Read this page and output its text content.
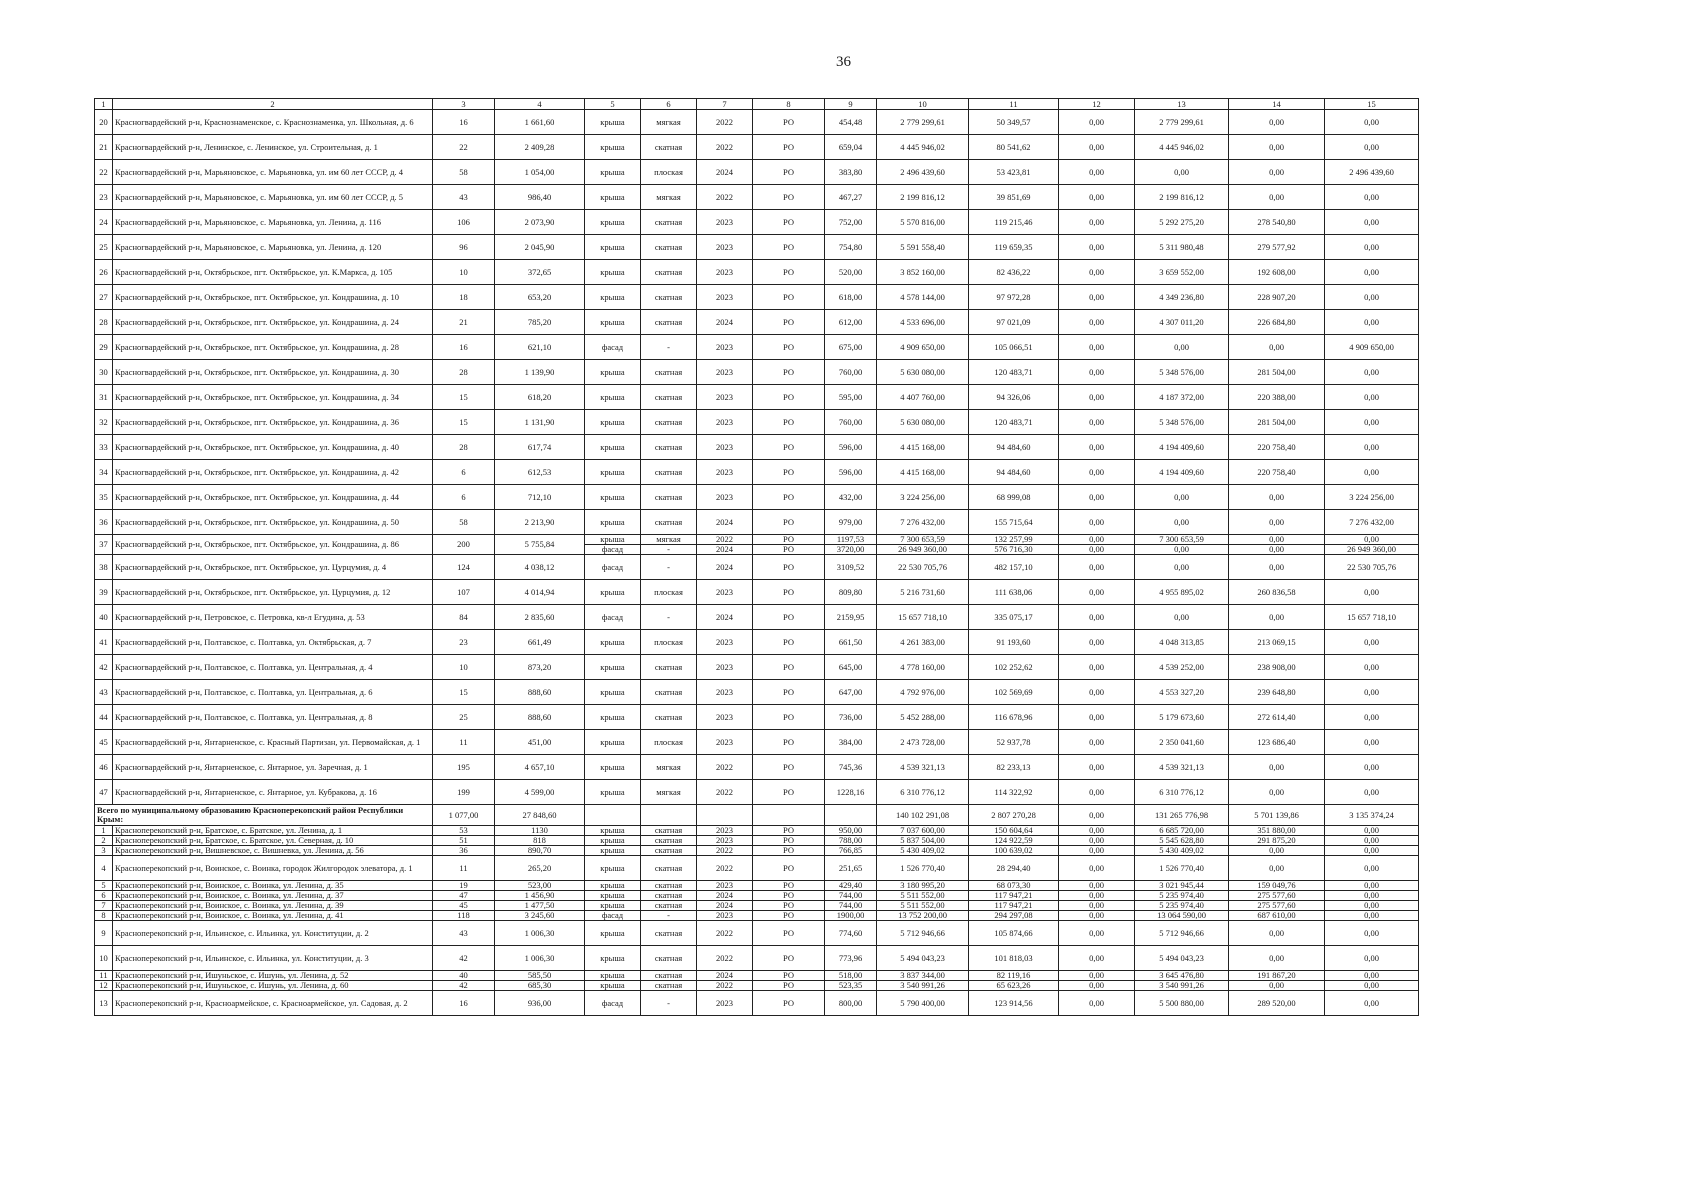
36
1	2	3	4	5	6	7	8	9	10	11	12	13	14	15
20	Красногвардейский р-н, Краснознаменское, с. Краснознаменка, ул. Школьная, д. 6	16	1 661,60	крыша	мягкая	2022	РО	454,48	2 779 299,61	50 349,57	0,00	2 779 299,61	0,00	0,00
21	Красногвардейский р-н, Ленинское, с. Ленинское, ул. Строительная, д. 1	22	2 409,28	крыша	скатная	2022	РО	659,04	4 445 946,02	80 541,62	0,00	4 445 946,02	0,00	0,00
22	Красногвардейский р-н, Марьяновское, с. Марьяновка, ул. им 60 лет СССР, д. 4	58	1 054,00	крыша	плоская	2024	РО	383,80	2 496 439,60	53 423,81	0,00	0,00	0,00	2 496 439,60
23	Красногвардейский р-н, Марьяновское, с. Марьяновка, ул. им 60 лет СССР, д. 5	43	986,40	крыша	мягкая	2022	РО	467,27	2 199 816,12	39 851,69	0,00	2 199 816,12	0,00	0,00
24	Красногвардейский р-н, Марьяновское, с. Марьяновка, ул. Ленина, д. 116	106	2 073,90	крыша	скатная	2023	РО	752,00	5 570 816,00	119 215,46	0,00	5 292 275,20	278 540,80	0,00
25	Красногвардейский р-н, Марьяновское, с. Марьяновка, ул. Ленина, д. 120	96	2 045,90	крыша	скатная	2023	РО	754,80	5 591 558,40	119 659,35	0,00	5 311 980,48	279 577,92	0,00
26	Красногвардейский р-н, Октябрьское, пгт. Октябрьское, ул. К.Маркса, д. 105	10	372,65	крыша	скатная	2023	РО	520,00	3 852 160,00	82 436,22	0,00	3 659 552,00	192 608,00	0,00
27	Красногвардейский р-н, Октябрьское, пгт. Октябрьское, ул. Кондрашина, д. 10	18	653,20	крыша	скатная	2023	РО	618,00	4 578 144,00	97 972,28	0,00	4 349 236,80	228 907,20	0,00
28	Красногвардейский р-н, Октябрьское, пгт. Октябрьское, ул. Кондрашина, д. 24	21	785,20	крыша	скатная	2024	РО	612,00	4 533 696,00	97 021,09	0,00	4 307 011,20	226 684,80	0,00
29	Красногвардейский р-н, Октябрьское, пгт. Октябрьское, ул. Кондрашина, д. 28	16	621,10	фасад	-	2023	РО	675,00	4 909 650,00	105 066,51	0,00	0,00	0,00	4 909 650,00
30	Красногвардейский р-н, Октябрьское, пгт. Октябрьское, ул. Кондрашина, д. 30	28	1 139,90	крыша	скатная	2023	РО	760,00	5 630 080,00	120 483,71	0,00	5 348 576,00	281 504,00	0,00
31	Красногвардейский р-н, Октябрьское, пгт. Октябрьское, ул. Кондрашина, д. 34	15	618,20	крыша	скатная	2023	РО	595,00	4 407 760,00	94 326,06	0,00	4 187 372,00	220 388,00	0,00
32	Красногвардейский р-н, Октябрьское, пгт. Октябрьское, ул. Кондрашина, д. 36	15	1 131,90	крыша	скатная	2023	РО	760,00	5 630 080,00	120 483,71	0,00	5 348 576,00	281 504,00	0,00
33	Красногвардейский р-н, Октябрьское, пгт. Октябрьское, ул. Кондрашина, д. 40	28	617,74	крыша	скатная	2023	РО	596,00	4 415 168,00	94 484,60	0,00	4 194 409,60	220 758,40	0,00
34	Красногвардейский р-н, Октябрьское, пгт. Октябрьское, ул. Кондрашина, д. 42	6	612,53	крыша	скатная	2023	РО	596,00	4 415 168,00	94 484,60	0,00	4 194 409,60	220 758,40	0,00
35	Красногвардейский р-н, Октябрьское, пгт. Октябрьское, ул. Кондрашина, д. 44	6	712,10	крыша	скатная	2023	РО	432,00	3 224 256,00	68 999,08	0,00	0,00	0,00	3 224 256,00
36	Красногвардейский р-н, Октябрьское, пгт. Октябрьское, ул. Кондрашина, д. 50	58	2 213,90	крыша	скатная	2024	РО	979,00	7 276 432,00	155 715,64	0,00	0,00	0,00	7 276 432,00
37	Красногвардейский р-н, Октябрьское, пгт. Октябрьское, ул. Кондрашина, д. 86	200	5 755,84	крыша	мягкая	2022	РО	1197,53	7 300 653,59	132 257,99	0,00	7 300 653,59	0,00	0,00
				фасад	-	2024	РО	3720,00	26 949 360,00	576 716,30	0,00	0,00	0,00	26 949 360,00
38	Красногвардейский р-н, Октябрьское, пгт. Октябрьское, ул. Цурцумия, д. 4	124	4 038,12	фасад	-	2024	РО	3109,52	22 530 705,76	482 157,10	0,00	0,00	0,00	22 530 705,76
39	Красногвардейский р-н, Октябрьское, пгт. Октябрьское, ул. Цурцумия, д. 12	107	4 014,94	крыша	плоская	2023	РО	809,80	5 216 731,60	111 638,06	0,00	4 955 895,02	260 836,58	0,00
40	Красногвардейский р-н, Петровское, с. Петровка, кв-л Егудина, д. 53	84	2 835,60	фасад	-	2024	РО	2159,95	15 657 718,10	335 075,17	0,00	0,00	0,00	15 657 718,10
41	Красногвардейский р-н, Полтавское, с. Полтавка, ул. Октябрьская, д. 7	23	661,49	крыша	плоская	2023	РО	661,50	4 261 383,00	91 193,60	0,00	4 048 313,85	213 069,15	0,00
42	Красногвардейский р-н, Полтавское, с. Полтавка, ул. Центральная, д. 4	10	873,20	крыша	скатная	2023	РО	645,00	4 778 160,00	102 252,62	0,00	4 539 252,00	238 908,00	0,00
43	Красногвардейский р-н, Полтавское, с. Полтавка, ул. Центральная, д. 6	15	888,60	крыша	скатная	2023	РО	647,00	4 792 976,00	102 569,69	0,00	4 553 327,20	239 648,80	0,00
44	Красногвардейский р-н, Полтавское, с. Полтавка, ул. Центральная, д. 8	25	888,60	крыша	скатная	2023	РО	736,00	5 452 288,00	116 678,96	0,00	5 179 673,60	272 614,40	0,00
45	Красногвардейский р-н, Янтарненское, с. Красный Партизан, ул. Первомайская, д. 1	11	451,00	крыша	плоская	2023	РО	384,00	2 473 728,00	52 937,78	0,00	2 350 041,60	123 686,40	0,00
46	Красногвардейский р-н, Янтарненское, с. Янтарное, ул. Заречная, д. 1	195	4 657,10	крыша	мягкая	2022	РО	745,36	4 539 321,13	82 233,13	0,00	4 539 321,13	0,00	0,00
47	Красногвардейский р-н, Янтарненское, с. Янтарное, ул. Кубракова, д. 16	199	4 599,00	крыша	мягкая	2022	РО	1228,16	6 310 776,12	114 322,92	0,00	6 310 776,12	0,00	0,00
Всего по муниципальному образованию Красноперекопский район Республики Крым:		1 077,00	27 848,60						140 102 291,08	2 807 270,28	0,00	131 265 776,98	5 701 139,86	3 135 374,24
1	Красноперекопский р-н, Братское, с. Братское, ул. Ленина, д. 1	53	1130	крыша	скатная	2023	РО	950,00	7 037 600,00	150 604,64	0,00	6 685 720,00	351 880,00	0,00
2	Красноперекопский р-н, Братское, с. Братское, ул. Северная, д. 10	51	818	крыша	скатная	2023	РО	788,00	5 837 504,00	124 922,59	0,00	5 545 628,80	291 875,20	0,00
3	Красноперекопский р-н, Вишневское, с. Вишневка, ул. Ленина, д. 56	36	890,70	крыша	скатная	2022	РО	766,85	5 430 409,02	100 639,02	0,00	5 430 409,02	0,00	0,00
4	Красноперекопский р-н, Воинское, с. Воинка, городок Жилгородок элеватора, д. 1	11	265,20	крыша	скатная	2022	РО	251,65	1 526 770,40	28 294,40	0,00	1 526 770,40	0,00	0,00
5	Красноперекопский р-н, Воинское, с. Воинка, ул. Ленина, д. 35	19	523,00	крыша	скатная	2023	РО	429,40	3 180 995,20	68 073,30	0,00	3 021 945,44	159 049,76	0,00
6	Красноперекопский р-н, Воинское, с. Воинка, ул. Ленина, д. 37	47	1 456,90	крыша	скатная	2024	РО	744,00	5 511 552,00	117 947,21	0,00	5 235 974,40	275 577,60	0,00
7	Красноперекопский р-н, Воинское, с. Воинка, ул. Ленина, д. 39	45	1 477,50	крыша	скатная	2024	РО	744,00	5 511 552,00	117 947,21	0,00	5 235 974,40	275 577,60	0,00
8	Красноперекопский р-н, Воинское, с. Воинка, ул. Ленина, д. 41	118	3 245,60	фасад	-	2023	РО	1900,00	13 752 200,00	294 297,08	0,00	13 064 590,00	687 610,00	0,00
9	Красноперекопский р-н, Ильинское, с. Ильинка, ул. Конституции, д. 2	43	1 006,30	крыша	скатная	2022	РО	774,60	5 712 946,66	105 874,66	0,00	5 712 946,66	0,00	0,00
10	Красноперекопский р-н, Ильинское, с. Ильинка, ул. Конституции, д. 3	42	1 006,30	крыша	скатная	2022	РО	773,96	5 494 043,23	101 818,03	0,00	5 494 043,23	0,00	0,00
11	Красноперекопский р-н, Ишуньское, с. Ишунь, ул. Ленина, д. 52	40	585,50	крыша	скатная	2024	РО	518,00	3 837 344,00	82 119,16	0,00	3 645 476,80	191 867,20	0,00
12	Красноперекопский р-н, Ишуньское, с. Ишунь, ул. Ленина, д. 60	42	685,30	крыша	скатная	2022	РО	523,35	3 540 991,26	65 623,26	0,00	3 540 991,26	0,00	0,00
13	Красноперекопский р-н, Красноармейское, с. Красноармейское, ул. Садовая, д. 2	16	936,00	фасад	-	2023	РО	800,00	5 790 400,00	123 914,56	0,00	5 500 880,00	289 520,00	0,00
